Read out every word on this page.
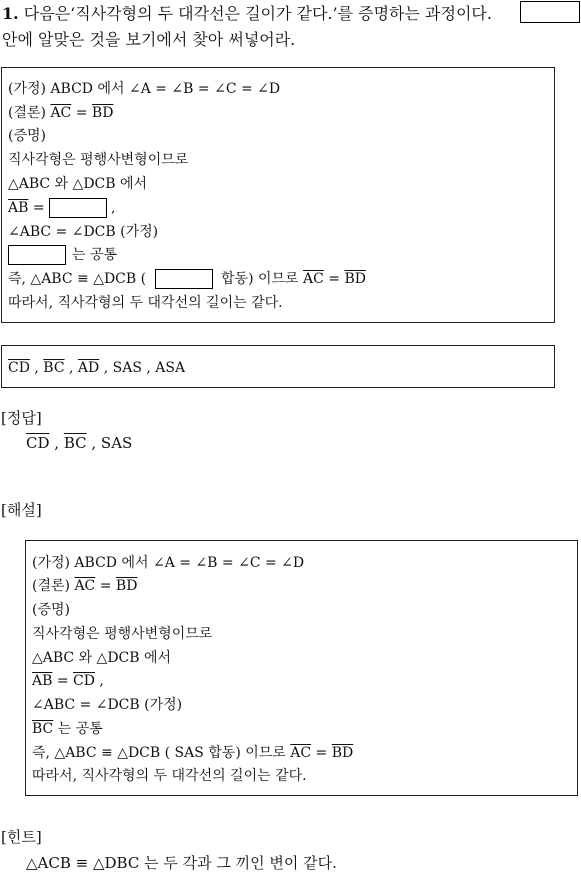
1. 다음은‘직사각형의 두 대각선은 길이가 같다.’를 증명하는 과정이다.
안에 알맞은 것을 보기에서 찾아 써넣어라.
(가정) ABCD 에서 ∠A = ∠B = ∠C = ∠D
(결론) $\overline{AC} = \overline{BD}$
(증명)
직사각형은 평행사변형이므로
△ABC 와 △DCB 에서
$\overline{AB}$ =	,
∠ABC = ∠DCB (가정)
는 공통
즉, △ABC ≡ △DCB (	합동) 이므로 $\overline{AC} = \overline{BD}$
따라서, 직사각형의 두 대각선의 길이는 같다.
$\overline{CD}$ , $\overline{BC}$ , $\overline{AD}$ , SAS , ASA
[정답]
$\overline{CD}$ , $\overline{BC}$ , SAS
[해설]
(가정) ABCD 에서 ∠A = ∠B = ∠C = ∠D
(결론) $\overline{AC} = \overline{BD}$
(증명)
직사각형은 평행사변형이므로
△ABC 와 △DCB 에서
$\overline{AB} = \overline{CD}$ ,
∠ABC = ∠DCB (가정)
$\overline{BC}$ 는 공통
즉, △ABC ≡ △DCB ( SAS 합동) 이므로 $\overline{AC} = \overline{BD}$
따라서, 직사각형의 두 대각선의 길이는 같다.
[힌트]
△ACB ≡ △DBC 는 두 각과 그 끼인 변이 같다.
